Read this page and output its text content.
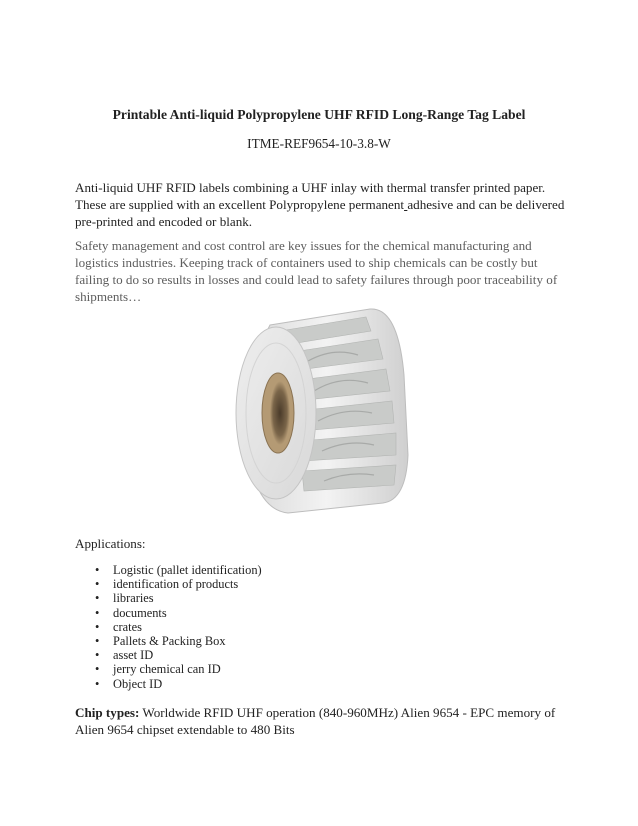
Printable Anti-liquid Polypropylene UHF RFID Long-Range Tag Label
ITME-REF9654-10-3.8-W

Anti-liquid UHF RFID labels combining a UHF inlay with thermal transfer printed paper. These are supplied with an excellent Polypropylene permanent adhesive and can be delivered pre-printed and encoded or blank.

Safety management and cost control are key issues for the chemical manufacturing and logistics industries. Keeping track of containers used to ship chemicals can be costly but failing to do so results in losses and could lead to safety failures through poor traceability of shipments…

Applications:
• Logistic (pallet identification)
• identification of products
• libraries
• documents
• crates
• Pallets & Packing Box
• asset ID
• jerry chemical can ID
• Object ID

Chip types: Worldwide RFID UHF operation (840-960MHz) Alien 9654 - EPC memory of Alien 9654 chipset extendable to 480 Bits
